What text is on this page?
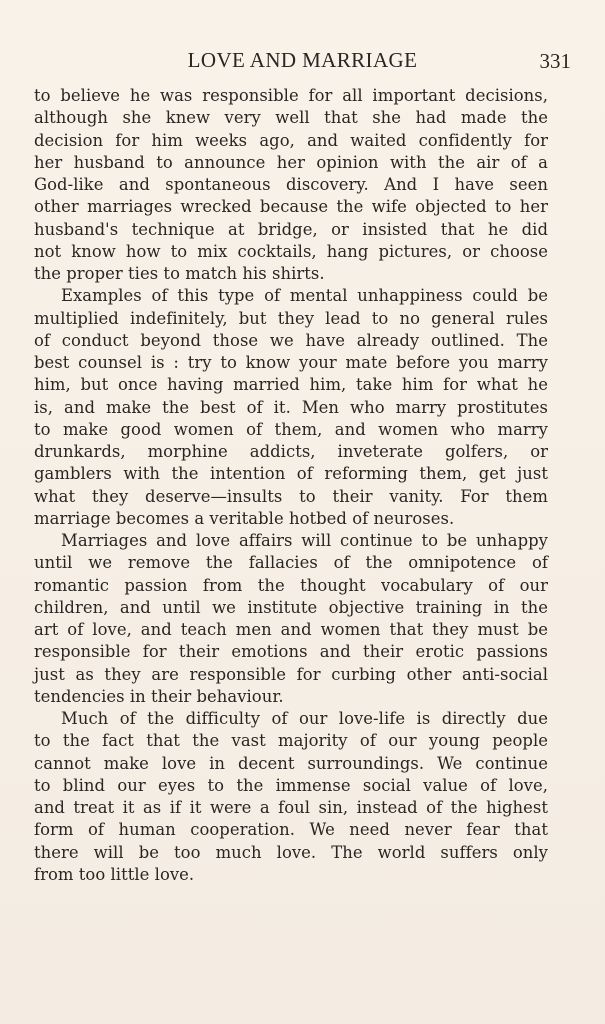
LOVE AND MARRIAGE	331
to believe he was responsible for all important decisions,
although she knew very well that she had made the
decision for him weeks ago, and waited confidently for
her husband to announce her opinion with the air of a
God-like and spontaneous discovery. And I have seen
other marriages wrecked because the wife objected to her
husband's technique at bridge, or insisted that he did
not know how to mix cocktails, hang pictures, or choose
the proper ties to match his shirts.
Examples of this type of mental unhappiness could be
multiplied indefinitely, but they lead to no general rules
of conduct beyond those we have already outlined. The
best counsel is : try to know your mate before you marry
him, but once having married him, take him for what he
is, and make the best of it. Men who marry prostitutes
to make good women of them, and women who marry
drunkards, morphine addicts, inveterate golfers, or
gamblers with the intention of reforming them, get just
what they deserve—insults to their vanity. For them
marriage becomes a veritable hotbed of neuroses.
Marriages and love affairs will continue to be unhappy
until we remove the fallacies of the omnipotence of
romantic passion from the thought vocabulary of our
children, and until we institute objective training in the
art of love, and teach men and women that they must be
responsible for their emotions and their erotic passions
just as they are responsible for curbing other anti-social
tendencies in their behaviour.
Much of the difficulty of our love-life is directly due
to the fact that the vast majority of our young people
cannot make love in decent surroundings. We continue
to blind our eyes to the immense social value of love,
and treat it as if it were a foul sin, instead of the highest
form of human cooperation. We need never fear that
there will be too much love. The world suffers only
from too little love.
